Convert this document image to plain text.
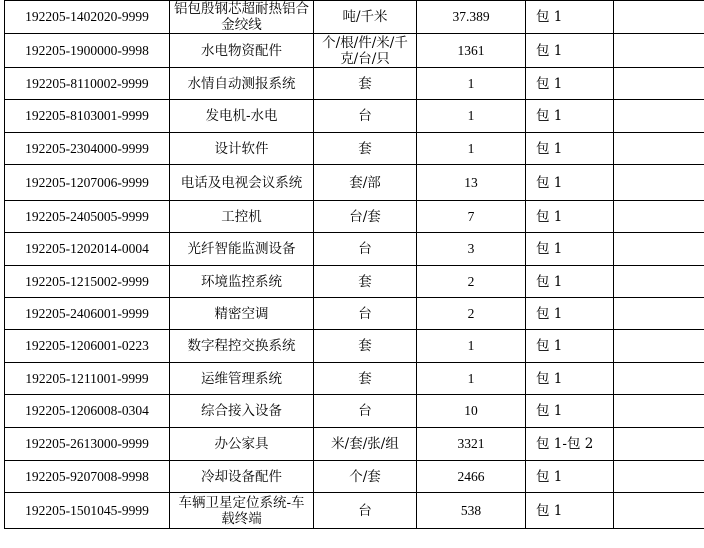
192205-1402020-9999	铝包殷钢芯超耐热铝合金绞线	吨/千米	37.389	包 1	
192205-1900000-9998	水电物资配件	个/根/件/米/千克/台/只	1361	包 1	
192205-8110002-9999	水情自动测报系统	套	1	包 1	
192205-8103001-9999	发电机-水电	台	1	包 1	
192205-2304000-9999	设计软件	套	1	包 1	
192205-1207006-9999	电话及电视会议系统	套/部	13	包 1	
192205-2405005-9999	工控机	台/套	7	包 1	
192205-1202014-0004	光纤智能监测设备	台	3	包 1	
192205-1215002-9999	环境监控系统	套	2	包 1	
192205-2406001-9999	精密空调	台	2	包 1	
192205-1206001-0223	数字程控交换系统	套	1	包 1	
192205-1211001-9999	运维管理系统	套	1	包 1	
192205-1206008-0304	综合接入设备	台	10	包 1	
192205-2613000-9999	办公家具	米/套/张/组	3321	包 1-包 2	
192205-9207008-9998	冷却设备配件	个/套	2466	包 1	
192205-1501045-9999	车辆卫星定位系统-车载终端	台	538	包 1	
